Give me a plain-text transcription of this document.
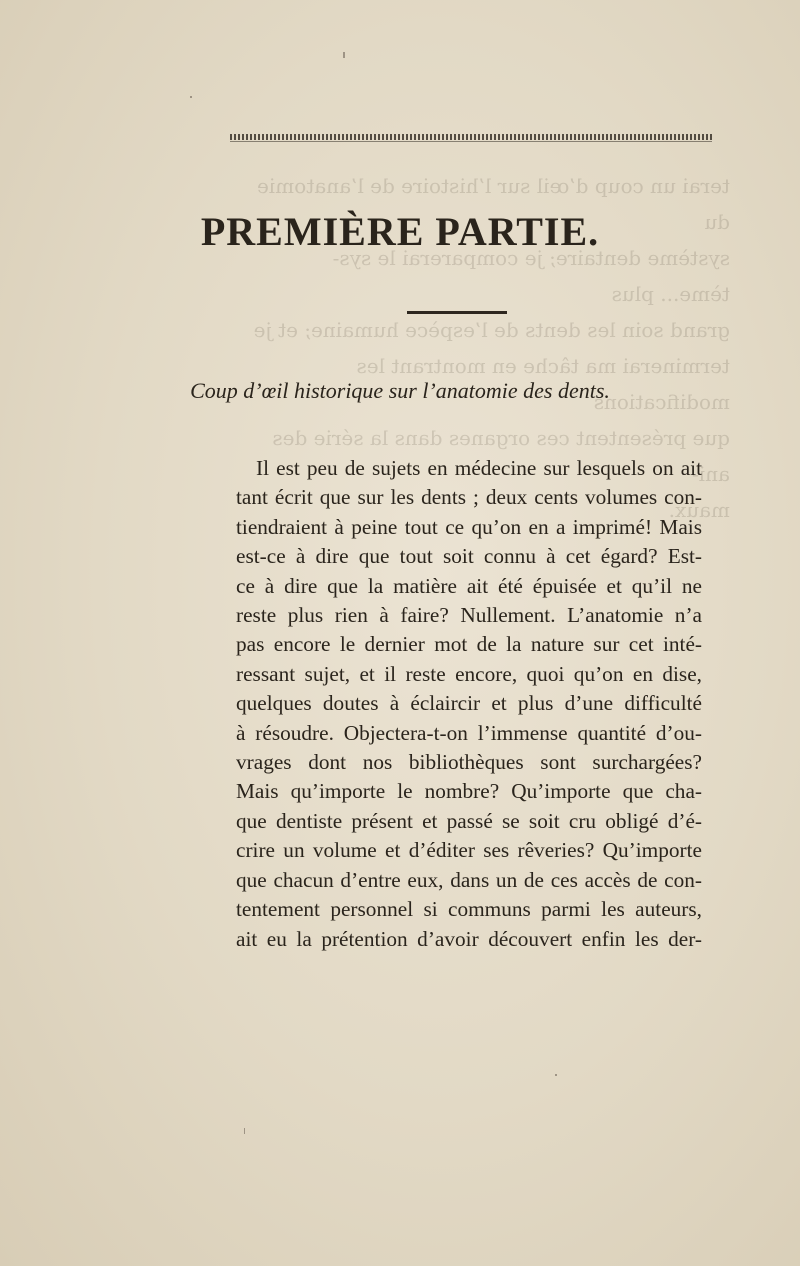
terai un coup d’œil sur l’histoire de l’anatomie du
système dentaire; je comparerai le sys-
tème... plus
grand soin les dents de l’espèce humaine; et je
terminerai ma tâche en montrant les modifications
que présentent ces organes dans la série des ani-
maux.
PREMIÈRE PARTIE.
Coup d’œil historique sur l’anatomie des dents.

Il est peu de sujets en médecine sur lesquels on ait
tant écrit que sur les dents ; deux cents volumes con-
tiendraient à peine tout ce qu’on en a imprimé! Mais
est-ce à dire que tout soit connu à cet égard? Est-
ce à dire que la matière ait été épuisée et qu’il ne
reste plus rien à faire? Nullement. L’anatomie n’a
pas encore le dernier mot de la nature sur cet inté-
ressant sujet, et il reste encore, quoi qu’on en dise,
quelques doutes à éclaircir et plus d’une difficulté
à résoudre. Objectera-t-on l’immense quantité d’ou-
vrages dont nos bibliothèques sont surchargées?
Mais qu’importe le nombre? Qu’importe que cha-
que dentiste présent et passé se soit cru obligé d’é-
crire un volume et d’éditer ses rêveries? Qu’importe
que chacun d’entre eux, dans un de ces accès de con-
tentement personnel si communs parmi les auteurs,
ait eu la prétention d’avoir découvert enfin les der-
